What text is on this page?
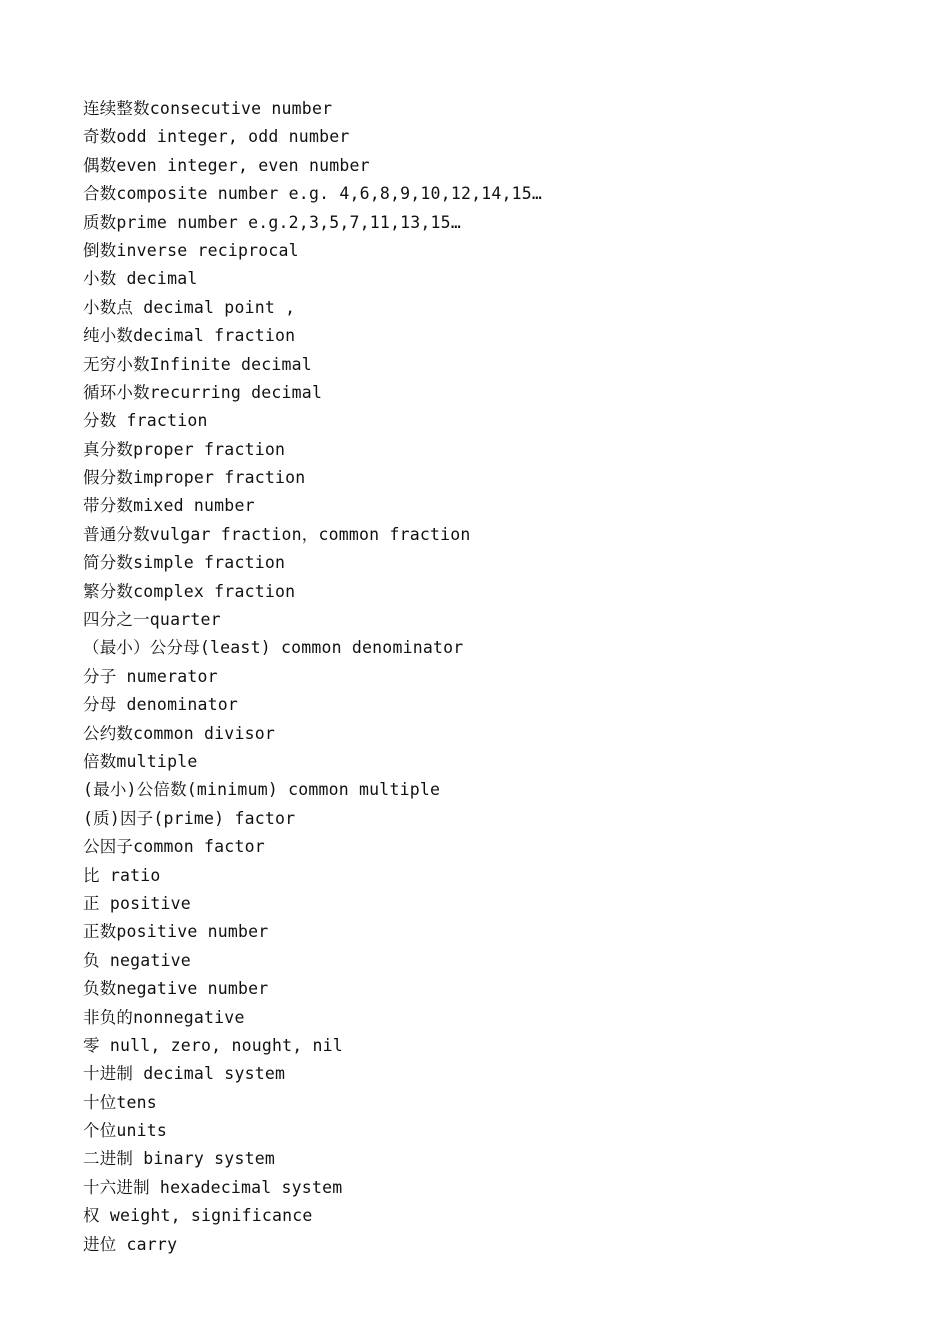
连续整数consecutive number
奇数odd integer, odd number
偶数even integer, even number
合数composite number e.g. 4,6,8,9,10,12,14,15…
质数prime number e.g.2,3,5,7,11,13,15…
倒数inverse reciprocal
小数 decimal
小数点 decimal point ,
纯小数decimal fraction
无穷小数Infinite decimal
循环小数recurring decimal
分数 fraction
真分数proper fraction
假分数improper fraction
带分数mixed number
普通分数vulgar fraction，common fraction
简分数simple fraction
繁分数complex fraction
四分之一quarter
（最小）公分母(least) common denominator
分子 numerator
分母 denominator
公约数common divisor
倍数multiple
(最小)公倍数(minimum) common multiple
(质)因子(prime) factor
公因子common factor
比 ratio
正 positive
正数positive number
负 negative
负数negative number
非负的nonnegative
零 null, zero, nought, nil
十进制 decimal system
十位tens
个位units
二进制 binary system
十六进制 hexadecimal system
权 weight, significance
进位 carry
